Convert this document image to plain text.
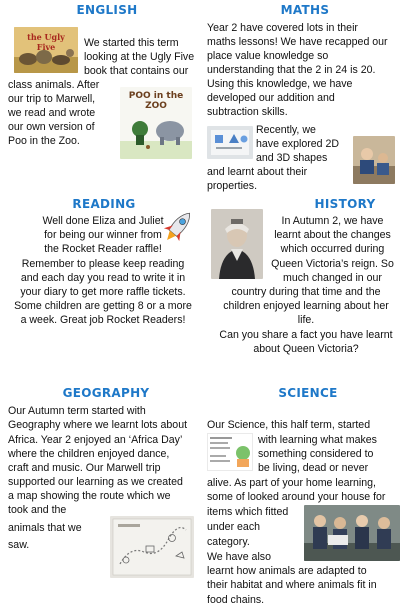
ENGLISH
the Ugly Five	We started this term
looking at the Ugly Five
book that contains our
class animals. After
our trip to Marwell,
we read and wrote
our own version of
Poo in the Zoo.
POO in the ZOO
MATHS
Year 2 have covered lots in their
maths lessons! We have recapped our
place value knowledge so
understanding that the 2 in 24 is 20.
Using this knowledge, we have
developed our addition and
subtraction skills.
Recently, we
have explored 2D
and 3D shapes
and learnt about their
properties.
READING
Well done Eliza and Juliet
for being our winner from
the Rocket Reader raffle!
Remember to please keep reading
and each day you read to write it in
your diary to get more raffle tickets.
Some children are getting 8 or a more
a week. Great job Rocket Readers!
HISTORY
In Autumn 2, we have
learnt about the changes
which occurred during
Queen Victoria’s reign. So
much changed in our
country during that time and the
children enjoyed learning about her
life.
Can you share a fact you have learnt
about Queen Victoria?
GEOGRAPHY
Our Autumn term started with
Geography where we learnt lots about
Africa. Year 2 enjoyed an ‘Africa Day’
where the children enjoyed dance,
craft and music. Our Marwell trip
supported our learning as we created
a map showing the route which we
took and the
animals that we
saw.
SCIENCE
Our Science, this half term, started
with learning what makes
something considered to
be living, dead or never
alive. As part of your home learning,
some of looked around your house for
items which fitted
under each
category.
We have also
learnt how animals are adapted to
their habitat and where animals fit in
food chains.
